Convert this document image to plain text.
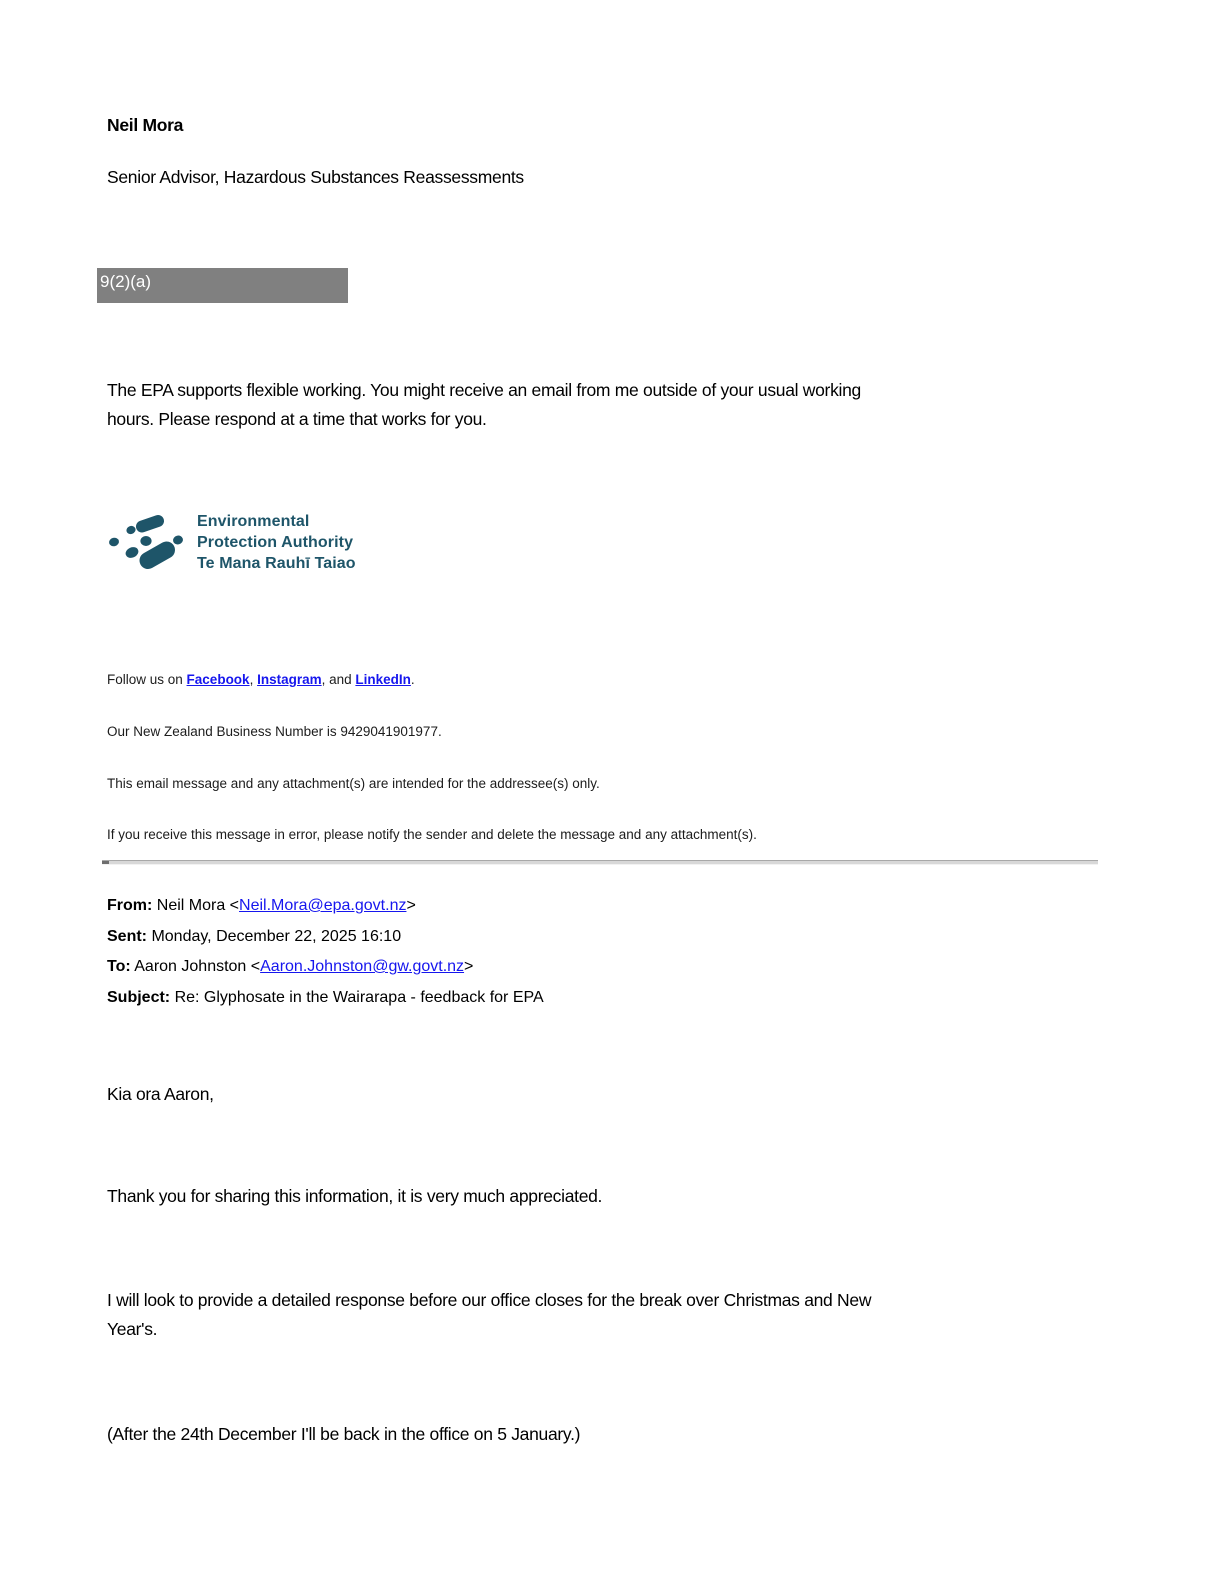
Neil Mora
Senior Advisor, Hazardous Substances Reassessments
9(2)(a)
The EPA supports flexible working. You might receive an email from me outside of your usual working
hours. Please respond at a time that works for you.
Environmental
Protection Authority
Te Mana Rauhī Taiao
Follow us on Facebook, Instagram, and LinkedIn.
Our New Zealand Business Number is 9429041901977.
This email message and any attachment(s) are intended for the addressee(s) only.
If you receive this message in error, please notify the sender and delete the message and any attachment(s).
From: Neil Mora <Neil.Mora@epa.govt.nz>
Sent: Monday, December 22, 2025 16:10
To: Aaron Johnston <Aaron.Johnston@gw.govt.nz>
Subject: Re: Glyphosate in the Wairarapa - feedback for EPA
Kia ora Aaron,
Thank you for sharing this information, it is very much appreciated.
I will look to provide a detailed response before our office closes for the break over Christmas and New
Year's.
(After the 24th December I'll be back in the office on 5 January.)
